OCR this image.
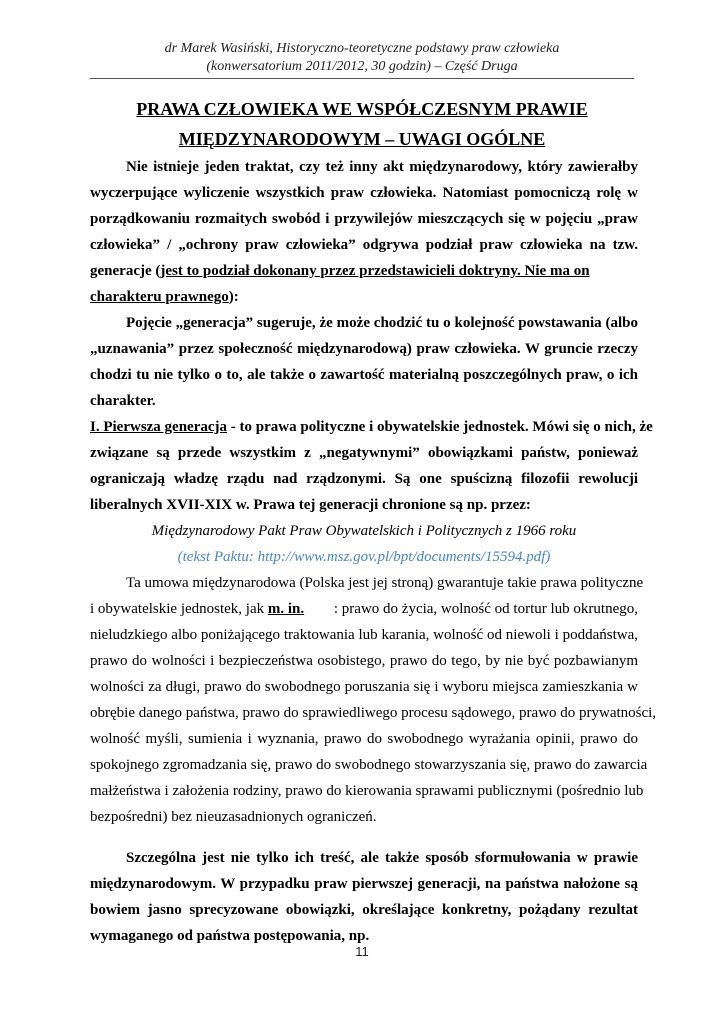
dr Marek Wasiński, Historyczno-teoretyczne podstawy praw człowieka
(konwersatorium 2011/2012, 30 godzin) – Część Druga
PRAWA CZŁOWIEKA WE WSPÓŁCZESNYM PRAWIE
MIĘDZYNARODOWYM – UWAGI OGÓLNE
Nie istnieje jeden traktat, czy też inny akt międzynarodowy, który zawierałby
wyczerpujące wyliczenie wszystkich praw człowieka. Natomiast pomocniczą rolę w
porządkowaniu rozmaitych swobód i przywilejów mieszczących się w pojęciu „praw
człowieka” / „ochrony praw człowieka” odgrywa podział praw człowieka na tzw.
generacje (jest to podział dokonany przez przedstawicieli doktryny. Nie ma on
charakteru prawnego):
Pojęcie „generacja” sugeruje, że może chodzić tu o kolejność powstawania (albo
„uznawania” przez społeczność międzynarodową) praw człowieka. W gruncie rzeczy
chodzi tu nie tylko o to, ale także o zawartość materialną poszczególnych praw, o ich
charakter.
I. Pierwsza generacja - to prawa polityczne i obywatelskie jednostek. Mówi się o nich, że
związane są przede wszystkim z „negatywnymi” obowiązkami państw, ponieważ
ograniczają władzę rządu nad rządzonymi. Są one spuścizną filozofii rewolucji
liberalnych XVII-XIX w. Prawa tej generacji chronione są np. przez:
Międzynarodowy Pakt Praw Obywatelskich i Politycznych z 1966 roku
(tekst Paktu: http://www.msz.gov.pl/bpt/documents/15594.pdf)
Ta umowa międzynarodowa (Polska jest jej stroną) gwarantuje takie prawa polityczne
i obywatelskie jednostek, jak m. in. : prawo do życia, wolność od tortur lub okrutnego,
nieludzkiego albo poniżającego traktowania lub karania, wolność od niewoli i poddaństwa,
prawo do wolności i bezpieczeństwa osobistego, prawo do tego, by nie być pozbawianym
wolności za długi, prawo do swobodnego poruszania się i wyboru miejsca zamieszkania w
obrębie danego państwa, prawo do sprawiedliwego procesu sądowego, prawo do prywatności,
wolność myśli, sumienia i wyznania, prawo do swobodnego wyrażania opinii, prawo do
spokojnego zgromadzania się, prawo do swobodnego stowarzyszania się, prawo do zawarcia
małżeństwa i założenia rodziny, prawo do kierowania sprawami publicznymi (pośrednio lub
bezpośredni) bez nieuzasadnionych ograniczeń.
Szczególna jest nie tylko ich treść, ale także sposób sformułowania w prawie
międzynarodowym. W przypadku praw pierwszej generacji, na państwa nałożone są
bowiem jasno sprecyzowane obowiązki, określające konkretny, pożądany rezultat
wymaganego od państwa postępowania, np.
11
